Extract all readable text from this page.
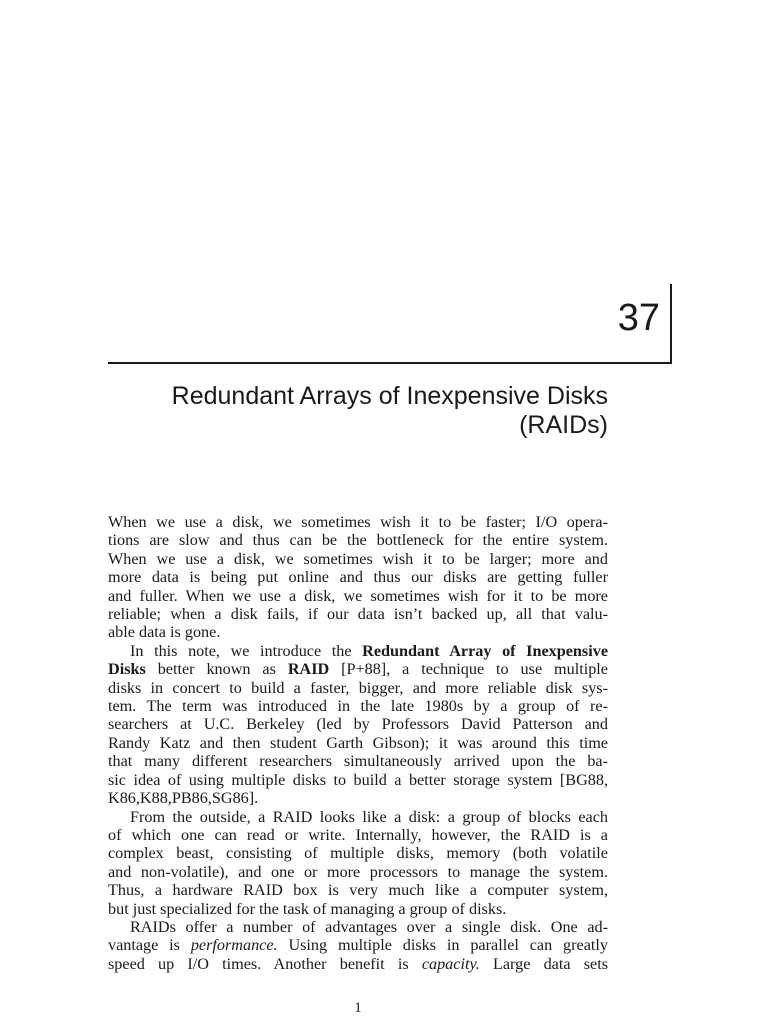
37
Redundant Arrays of Inexpensive Disks
(RAIDs)

When we use a disk, we sometimes wish it to be faster; I/O opera-

tions are slow and thus can be the bottleneck for the entire system.

When we use a disk, we sometimes wish it to be larger; more and

more data is being put online and thus our disks are getting fuller

and fuller. When we use a disk, we sometimes wish for it to be more

reliable; when a disk fails, if our data isn’t backed up, all that valu-

able data is gone.

In this note, we introduce the Redundant Array of Inexpensive

Disks better known as RAID [P+88], a technique to use multiple

disks in concert to build a faster, bigger, and more reliable disk sys-

tem. The term was introduced in the late 1980s by a group of re-

searchers at U.C. Berkeley (led by Professors David Patterson and

Randy Katz and then student Garth Gibson); it was around this time

that many different researchers simultaneously arrived upon the ba-

sic idea of using multiple disks to build a better storage system [BG88,

K86,K88,PB86,SG86].

From the outside, a RAID looks like a disk: a group of blocks each

of which one can read or write. Internally, however, the RAID is a

complex beast, consisting of multiple disks, memory (both volatile

and non-volatile), and one or more processors to manage the system.

Thus, a hardware RAID box is very much like a computer system,

but just specialized for the task of managing a group of disks.

RAIDs offer a number of advantages over a single disk. One ad-

vantage is performance. Using multiple disks in parallel can greatly

speed up I/O times. Another benefit is capacity. Large data sets

1
